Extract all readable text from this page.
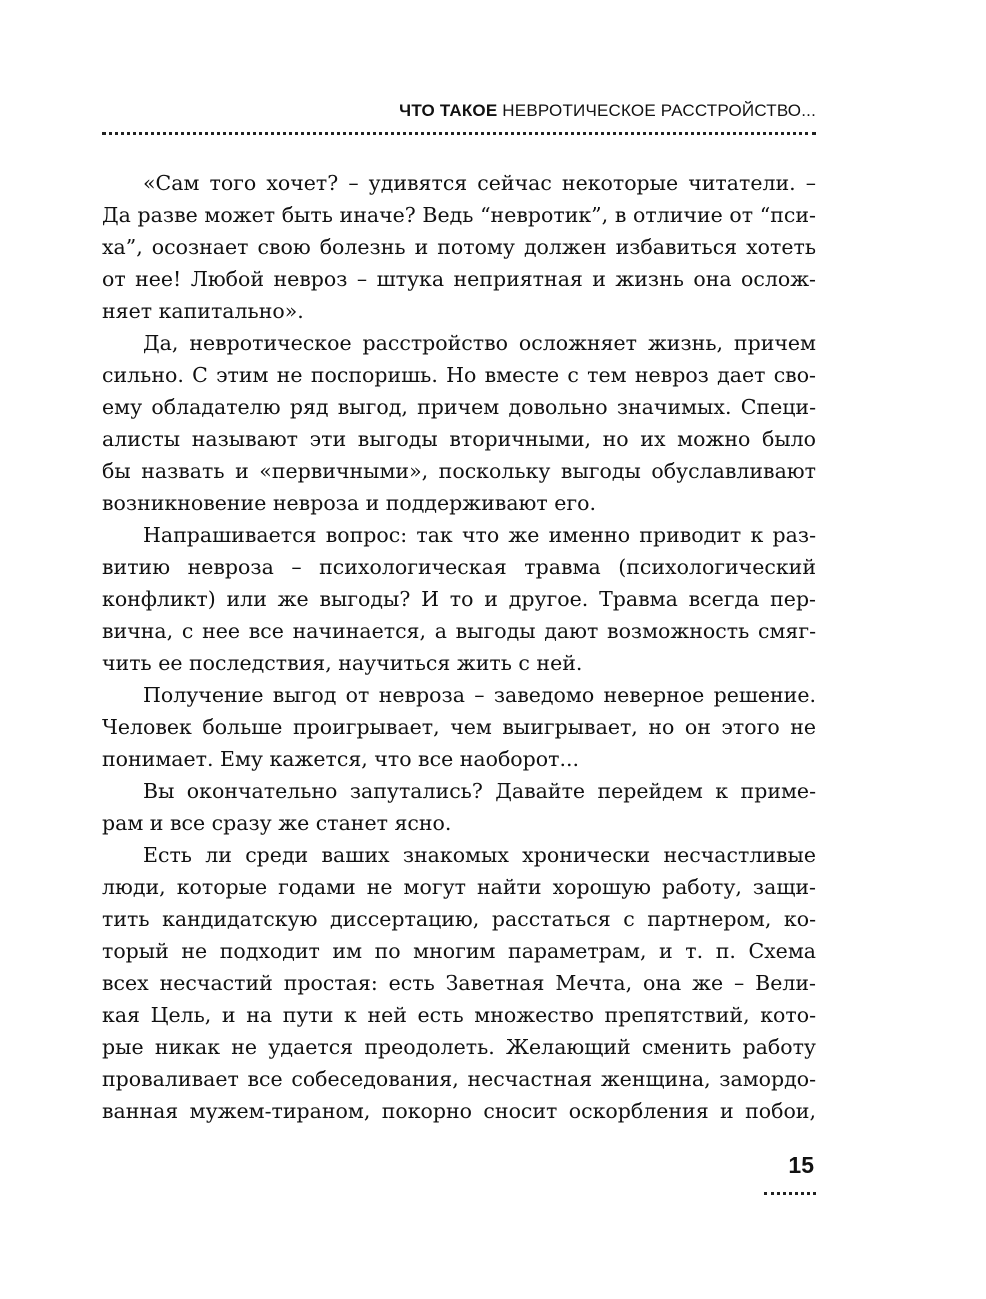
ЧТО ТАКОЕ НЕВРОТИЧЕСКОЕ РАССТРОЙСТВО...
«Сам того хочет? – удивятся сейчас некоторые читатели. –
Да разве может быть иначе? Ведь “невротик”, в отличие от “пси-
ха”, осознает свою болезнь и потому должен избавиться хотеть
от нее! Любой невроз – штука неприятная и жизнь она ослож-
няет капитально».
Да, невротическое расстройство осложняет жизнь, причем
сильно. С этим не поспоришь. Но вместе с тем невроз дает сво-
ему обладателю ряд выгод, причем довольно значимых. Специ-
алисты называют эти выгоды вторичными, но их можно было
бы назвать и «первичными», поскольку выгоды обуславливают
возникновение невроза и поддерживают его.
Напрашивается вопрос: так что же именно приводит к раз-
витию невроза – психологическая травма (психологический
конфликт) или же выгоды? И то и другое. Травма всегда пер-
вична, с нее все начинается, а выгоды дают возможность смяг-
чить ее последствия, научиться жить с ней.
Получение выгод от невроза – заведомо неверное решение.
Человек больше проигрывает, чем выигрывает, но он этого не
понимает. Ему кажется, что все наоборот...
Вы окончательно запутались? Давайте перейдем к приме-
рам и все сразу же станет ясно.
Есть ли среди ваших знакомых хронически несчастливые
люди, которые годами не могут найти хорошую работу, защи-
тить кандидатскую диссертацию, расстаться с партнером, ко-
торый не подходит им по многим параметрам, и т. п. Схема
всех несчастий простая: есть Заветная Мечта, она же – Вели-
кая Цель, и на пути к ней есть множество препятствий, кото-
рые никак не удается преодолеть. Желающий сменить работу
проваливает все собеседования, несчастная женщина, замордо-
ванная мужем-тираном, покорно сносит оскорбления и побои,
15
